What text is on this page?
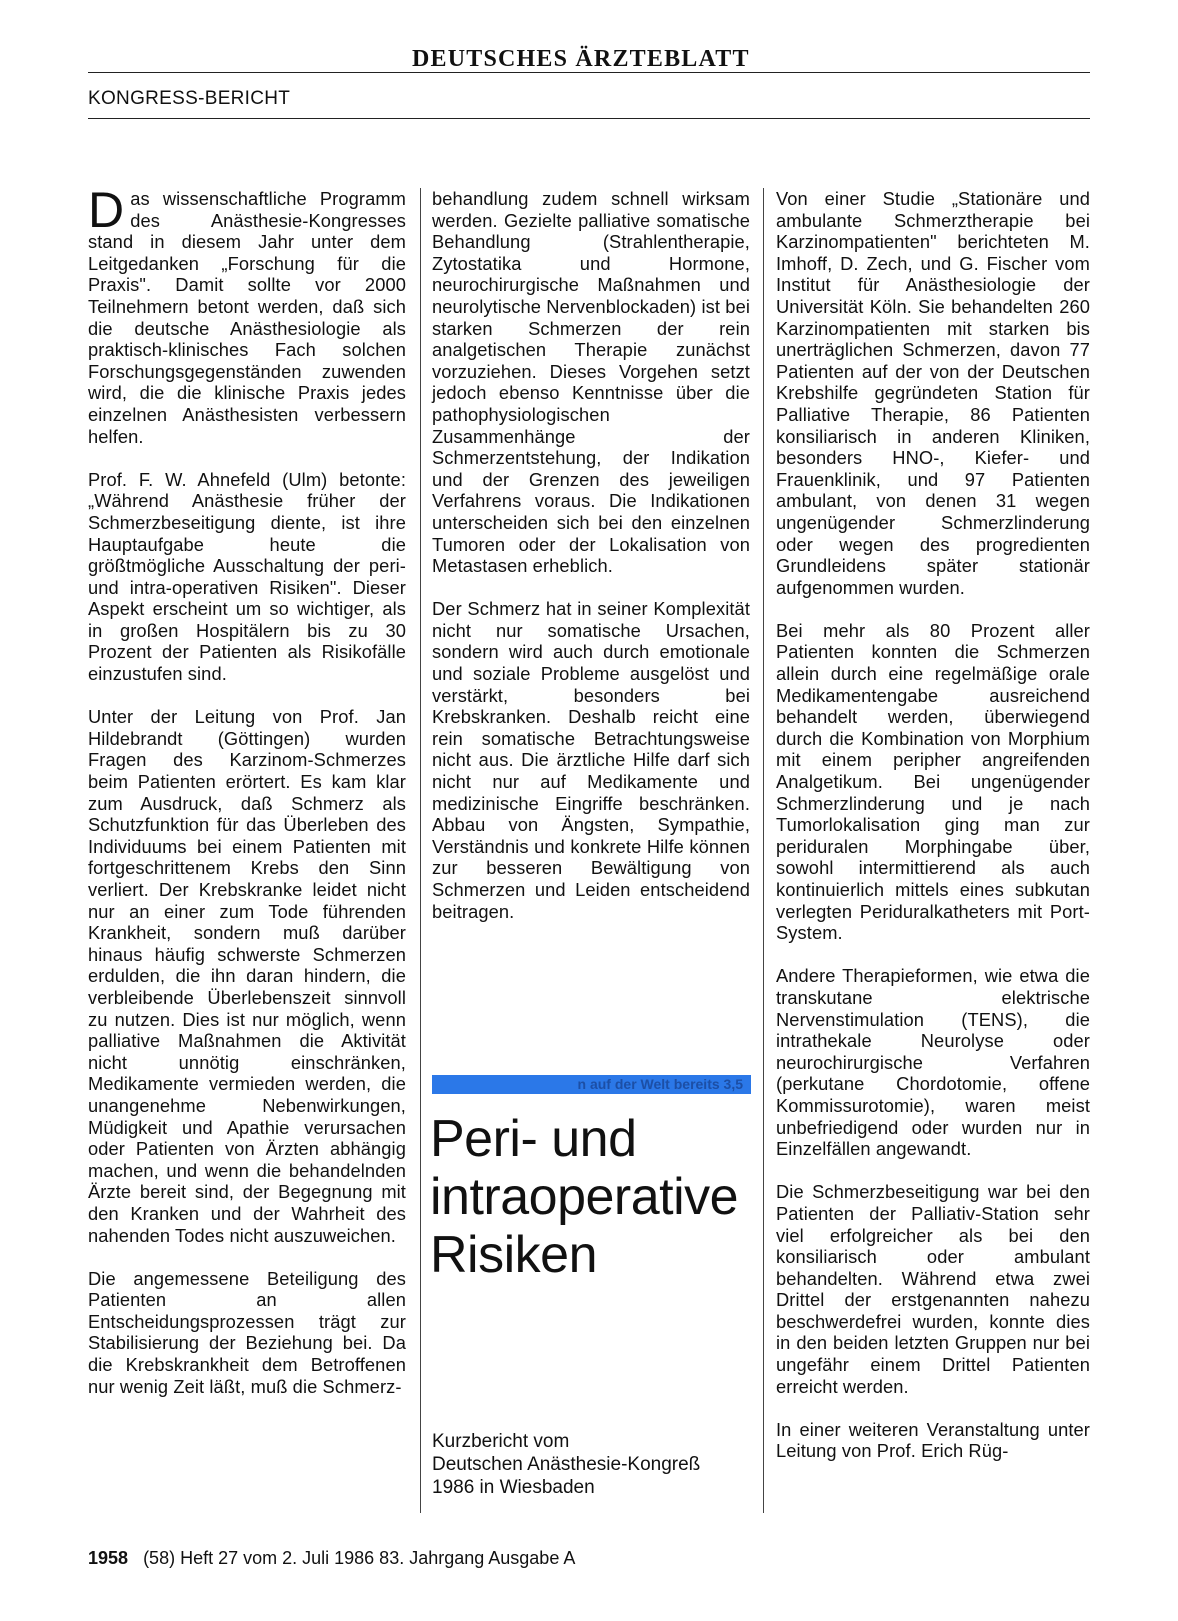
DEUTSCHES ÄRZTEBLATT
KONGRESS-BERICHT

Das wissenschaftliche Programm des Anästhesie-Kongresses stand in diesem Jahr unter dem Leitgedanken „Forschung für die Praxis". Damit sollte vor 2000 Teilnehmern betont werden, daß sich die deutsche Anästhesiologie als praktisch-klinisches Fach solchen Forschungsgegenständen zuwenden wird, die die klinische Praxis jedes einzelnen Anästhesisten verbessern helfen.

Prof. F. W. Ahnefeld (Ulm) betonte: „Während Anästhesie früher der Schmerzbeseitigung diente, ist ihre Hauptaufgabe heute die größtmögliche Ausschaltung der peri- und intra-operativen Risiken". Dieser Aspekt erscheint um so wichtiger, als in großen Hospitälern bis zu 30 Prozent der Patienten als Risikofälle einzustufen sind.

Unter der Leitung von Prof. Jan Hildebrandt (Göttingen) wurden Fragen des Karzinom-Schmerzes beim Patienten erörtert. Es kam klar zum Ausdruck, daß Schmerz als Schutzfunktion für das Überleben des Individuums bei einem Patienten mit fortgeschrittenem Krebs den Sinn verliert. Der Krebskranke leidet nicht nur an einer zum Tode führenden Krankheit, sondern muß darüber hinaus häufig schwerste Schmerzen erdulden, die ihn daran hindern, die verbleibende Überlebenszeit sinnvoll zu nutzen. Dies ist nur möglich, wenn palliative Maßnahmen die Aktivität nicht unnötig einschränken, Medikamente vermieden werden, die unangenehme Nebenwirkungen, Müdigkeit und Apathie verursachen oder Patienten von Ärzten abhängig machen, und wenn die behandelnden Ärzte bereit sind, der Begegnung mit den Kranken und der Wahrheit des nahenden Todes nicht auszuweichen.

Die angemessene Beteiligung des Patienten an allen Entscheidungsprozessen trägt zur Stabilisierung der Beziehung bei. Da die Krebskrankheit dem Betroffenen nur wenig Zeit läßt, muß die Schmerz-

behandlung zudem schnell wirksam werden. Gezielte palliative somatische Behandlung (Strahlentherapie, Zytostatika und Hormone, neurochirurgische Maßnahmen und neurolytische Nervenblockaden) ist bei starken Schmerzen der rein analgetischen Therapie zunächst vorzuziehen. Dieses Vorgehen setzt jedoch ebenso Kenntnisse über die pathophysiologischen Zusammenhänge der Schmerzentstehung, der Indikation und der Grenzen des jeweiligen Verfahrens voraus. Die Indikationen unterscheiden sich bei den einzelnen Tumoren oder der Lokalisation von Metastasen erheblich.

Der Schmerz hat in seiner Komplexität nicht nur somatische Ursachen, sondern wird auch durch emotionale und soziale Probleme ausgelöst und verstärkt, besonders bei Krebskranken. Deshalb reicht eine rein somatische Betrachtungsweise nicht aus. Die ärztliche Hilfe darf sich nicht nur auf Medikamente und medizinische Eingriffe beschränken. Abbau von Ängsten, Sympathie, Verständnis und konkrete Hilfe können zur besseren Bewältigung von Schmerzen und Leiden entscheidend beitragen.

n auf der Welt bereits 3,5
Peri- und
intraoperative
Risiken
Kurzbericht vom
Deutschen Anästhesie-Kongreß
1986 in Wiesbaden

Von einer Studie „Stationäre und ambulante Schmerztherapie bei Karzinompatienten" berichteten M. Imhoff, D. Zech, und G. Fischer vom Institut für Anästhesiologie der Universität Köln. Sie behandelten 260 Karzinompatienten mit starken bis unerträglichen Schmerzen, davon 77 Patienten auf der von der Deutschen Krebshilfe gegründeten Station für Palliative Therapie, 86 Patienten konsiliarisch in anderen Kliniken, besonders HNO-, Kiefer- und Frauenklinik, und 97 Patienten ambulant, von denen 31 wegen ungenügender Schmerzlinderung oder wegen des progredienten Grundleidens später stationär aufgenommen wurden.

Bei mehr als 80 Prozent aller Patienten konnten die Schmerzen allein durch eine regelmäßige orale Medikamentengabe ausreichend behandelt werden, überwiegend durch die Kombination von Morphium mit einem peripher angreifenden Analgetikum. Bei ungenügender Schmerzlinderung und je nach Tumorlokalisation ging man zur periduralen Morphingabe über, sowohl intermittierend als auch kontinuierlich mittels eines subkutan verlegten Periduralkatheters mit Port-System.

Andere Therapieformen, wie etwa die transkutane elektrische Nervenstimulation (TENS), die intrathekale Neurolyse oder neurochirurgische Verfahren (perkutane Chordotomie, offene Kommissurotomie), waren meist unbefriedigend oder wurden nur in Einzelfällen angewandt.

Die Schmerzbeseitigung war bei den Patienten der Palliativ-Station sehr viel erfolgreicher als bei den konsiliarisch oder ambulant behandelten. Während etwa zwei Drittel der erstgenannten nahezu beschwerdefrei wurden, konnte dies in den beiden letzten Gruppen nur bei ungefähr einem Drittel Patienten erreicht werden.

In einer weiteren Veranstaltung unter Leitung von Prof. Erich Rüg-

1958 (58) Heft 27 vom 2. Juli 1986 83. Jahrgang Ausgabe A
